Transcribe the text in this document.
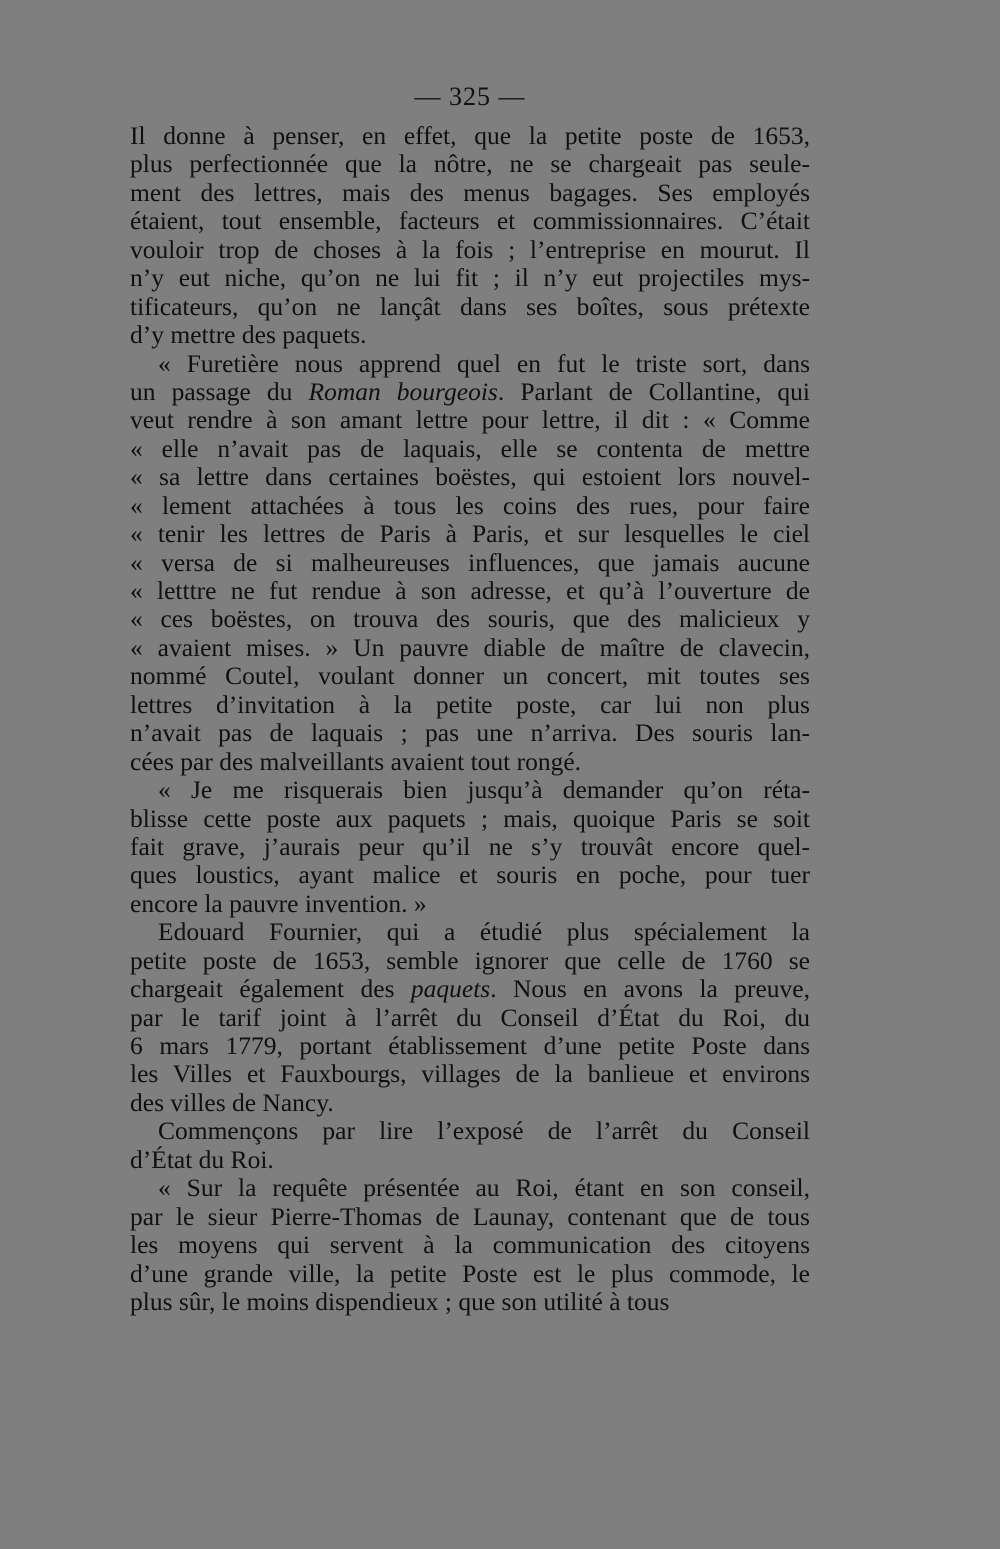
— 325 —
Il donne à penser, en effet, que la petite poste de 1653,
plus perfectionnée que la nôtre, ne se chargeait pas seule-
ment des lettres, mais des menus bagages. Ses employés
étaient, tout ensemble, facteurs et commissionnaires. C’était
vouloir trop de choses à la fois ; l’entreprise en mourut. Il
n’y eut niche, qu’on ne lui fit ; il n’y eut projectiles mys-
tificateurs, qu’on ne lançât dans ses boîtes, sous prétexte
d’y mettre des paquets.
« Furetière nous apprend quel en fut le triste sort, dans
un passage du Roman bourgeois. Parlant de Collantine, qui
veut rendre à son amant lettre pour lettre, il dit : « Comme
« elle n’avait pas de laquais, elle se contenta de mettre
« sa lettre dans certaines boëstes, qui estoient lors nouvel-
« lement attachées à tous les coins des rues, pour faire
« tenir les lettres de Paris à Paris, et sur lesquelles le ciel
« versa de si malheureuses influences, que jamais aucune
« letttre ne fut rendue à son adresse, et qu’à l’ouverture de
« ces boëstes, on trouva des souris, que des malicieux y
« avaient mises. » Un pauvre diable de maître de clavecin,
nommé Coutel, voulant donner un concert, mit toutes ses
lettres d’invitation à la petite poste, car lui non plus
n’avait pas de laquais ; pas une n’arriva. Des souris lan-
cées par des malveillants avaient tout rongé.
« Je me risquerais bien jusqu’à demander qu’on réta-
blisse cette poste aux paquets ; mais, quoique Paris se soit
fait grave, j’aurais peur qu’il ne s’y trouvât encore quel-
ques loustics, ayant malice et souris en poche, pour tuer
encore la pauvre invention. »
Edouard Fournier, qui a étudié plus spécialement la
petite poste de 1653, semble ignorer que celle de 1760 se
chargeait également des paquets. Nous en avons la preuve,
par le tarif joint à l’arrêt du Conseil d’État du Roi, du
6 mars 1779, portant établissement d’une petite Poste dans
les Villes et Fauxbourgs, villages de la banlieue et environs
des villes de Nancy.
Commençons par lire l’exposé de l’arrêt du Conseil
d’État du Roi.
« Sur la requête présentée au Roi, étant en son conseil,
par le sieur Pierre-Thomas de Launay, contenant que de tous
les moyens qui servent à la communication des citoyens
d’une grande ville, la petite Poste est le plus commode, le
plus sûr, le moins dispendieux ; que son utilité à tous
